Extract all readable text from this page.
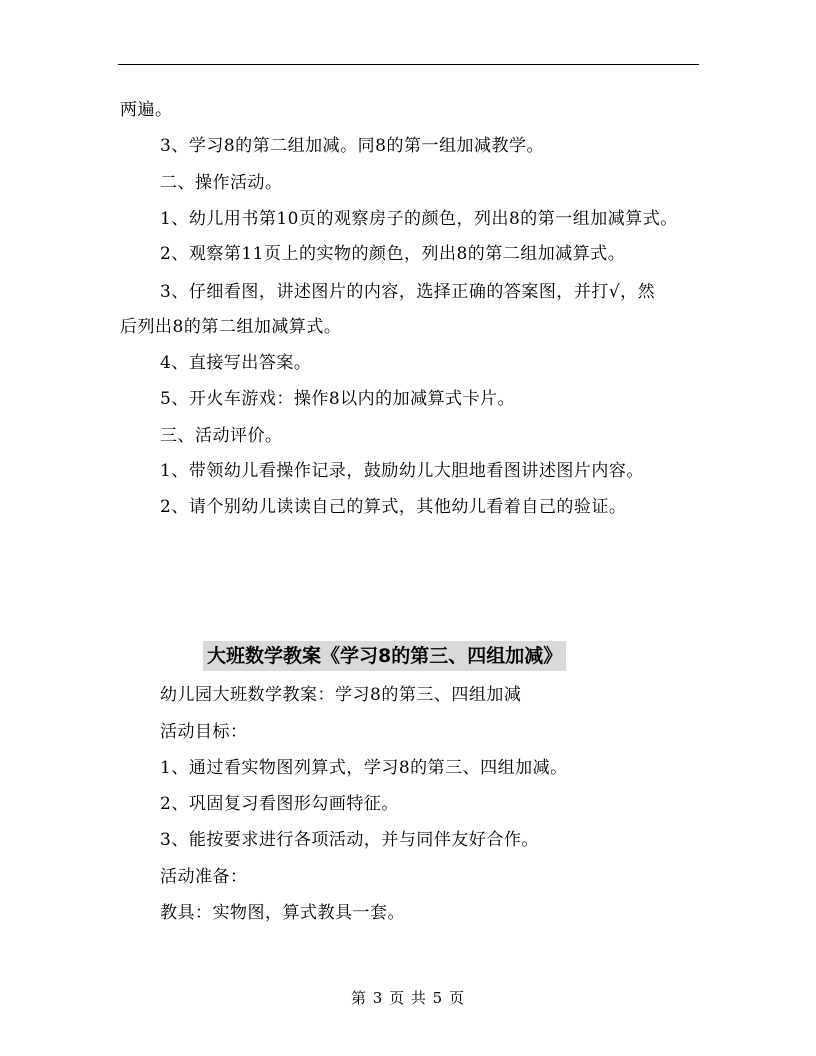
两遍。
3、学习8的第二组加减。同8的第一组加减教学。
二、操作活动。
1、幼儿用书第10页的观察房子的颜色，列出8的第一组加减算式。
2、观察第11页上的实物的颜色，列出8的第二组加减算式。
3、仔细看图，讲述图片的内容，选择正确的答案图，并打√，然
后列出8的第二组加减算式。
4、直接写出答案。
5、开火车游戏：操作8以内的加减算式卡片。
三、活动评价。
1、带领幼儿看操作记录，鼓励幼儿大胆地看图讲述图片内容。
2、请个别幼儿读读自己的算式，其他幼儿看着自己的验证。
大班数学教案《学习8的第三、四组加减》
幼儿园大班数学教案：学习8的第三、四组加减
活动目标：
1、通过看实物图列算式，学习8的第三、四组加减。
2、巩固复习看图形勾画特征。
3、能按要求进行各项活动，并与同伴友好合作。
活动准备：
教具：实物图，算式教具一套。
第 3 页 共 5 页
